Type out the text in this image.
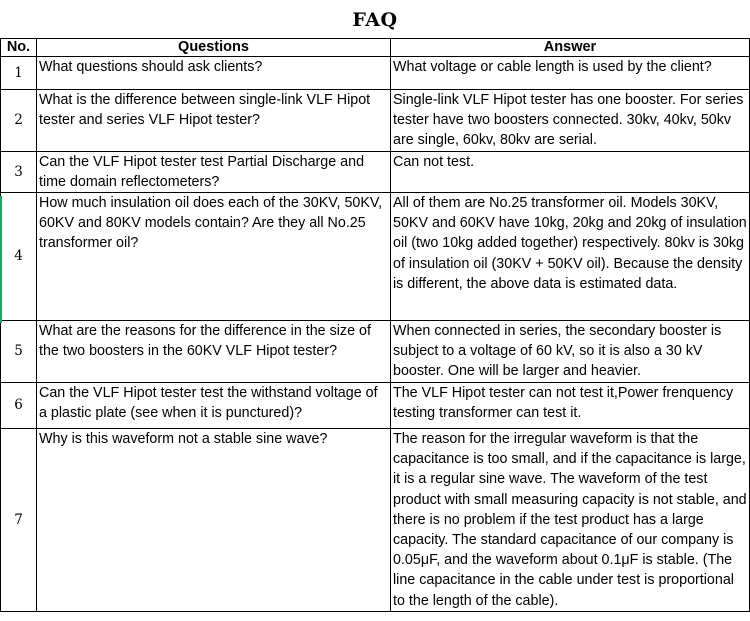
FAQ
No.	Questions	Answer
1	What questions should ask clients?	What voltage or cable length is used by the client?
2	What is the difference between single-link VLF Hipot tester and series VLF Hipot tester?	Single-link VLF Hipot tester has one booster. For series tester have two boosters connected. 30kv, 40kv, 50kv are single, 60kv, 80kv are serial.
3	Can the VLF Hipot tester test Partial Discharge and time domain reflectometers?	Can not test.
4	How much insulation oil does each of the 30KV, 50KV, 60KV and 80KV models contain? Are they all No.25 transformer oil?	All of them are No.25 transformer oil. Models 30KV, 50KV and 60KV have 10kg, 20kg and 20kg of insulation oil (two 10kg added together) respectively. 80kv is 30kg of insulation oil (30KV + 50KV oil). Because the density is different, the above data is estimated data.
5	What are the reasons for the difference in the size of the two boosters in the 60KV VLF Hipot tester?	When connected in series, the secondary booster is subject to a voltage of 60 kV, so it is also a 30 kV booster. One will be larger and heavier.
6	Can the VLF Hipot tester test the withstand voltage of a plastic plate (see when it is punctured)?	The VLF Hipot tester can not test it,Power frenquency testing transformer can test it.
7	Why is this waveform not a stable sine wave?	The reason for the irregular waveform is that the capacitance is too small, and if the capacitance is large, it is a regular sine wave. The waveform of the test product with small measuring capacity is not stable, and there is no problem if the test product has a large capacity. The standard capacitance of our company is 0.05μF, and the waveform about 0.1μF is stable. (The line capacitance in the cable under test is proportional to the length of the cable).
